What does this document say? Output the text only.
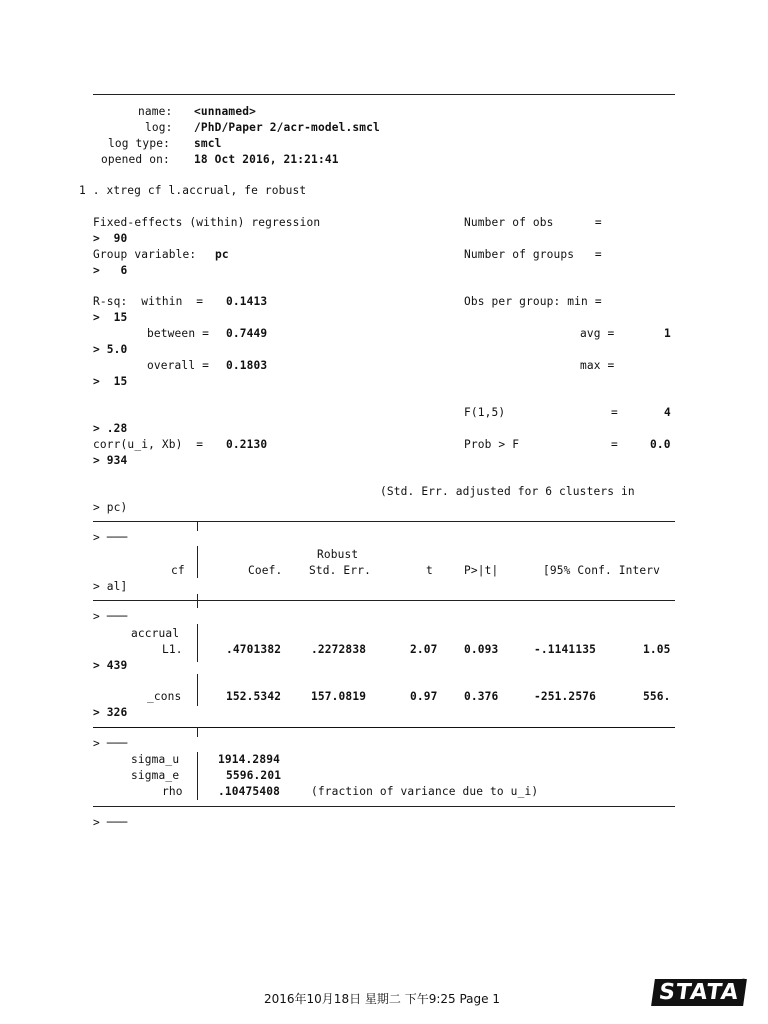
name: <unnamed>
log: /PhD/Paper 2/acr-model.smcl
log type: smcl
opened on: 18 Oct 2016, 21:21:41
1 . xtreg cf l.accrual, fe robust
Fixed-effects (within) regression	Number of obs      =
>  90
Group variable: pc	Number of groups   =
>   6
R-sq:  within  = 0.1413	Obs per group: min =
>  15
between = 0.7449	avg =	1
> 5.0
overall = 0.1803	max =
>  15
F(1,5)	=	4
> .28
corr(u_i, Xb)  = 0.2130	Prob > F	=	0.0
> 934
(Std. Err. adjusted for 6 clusters in
> pc)
> ───
Robust
cf	Coef. Std. Err.	t	P>|t|	[95% Conf. Interv
> al]
> ───
accrual
L1.	.4701382	.2272838	2.07 0.093	-.1141135	1.05
> 439
_cons	152.5342	157.0819	0.97 0.376	-251.2576	556.
> 326
> ───
sigma_u	1914.2894
sigma_e	5596.201
rho	.10475408	(fraction of variance due to u_i)
> ───
2016年10月18日 星期二 下午9:25 Page 1	STATA ®
